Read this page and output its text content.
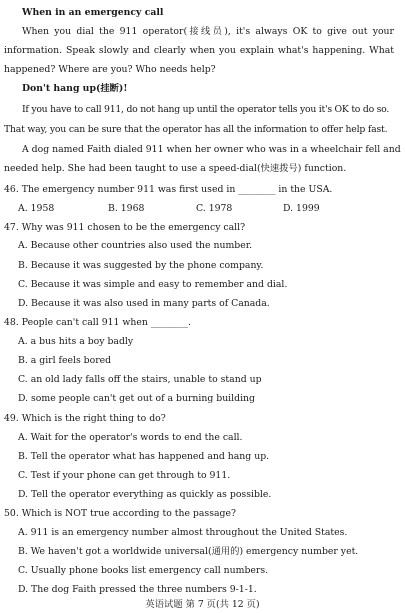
When in an emergency call
When you dial the 911 operator(接线员), it's always OK to give out your
information. Speak slowly and clearly when you explain what's happening. What
happened? Where are you? Who needs help?
Don't hang up(挂断)!
If you have to call 911, do not hang up until the operator tells you it's OK to do so.
That way, you can be sure that the operator has all the information to offer help fast.
A dog named Faith dialed 911 when her owner who was in a wheelchair fell and
needed help. She had been taught to use a speed-dial(快速拨号) function.
46. The emergency number 911 was first used in ________ in the USA.
A. 1958	B. 1968	C. 1978	D. 1999
47. Why was 911 chosen to be the emergency call?
A. Because other countries also used the number.
B. Because it was suggested by the phone company.
C. Because it was simple and easy to remember and dial.
D. Because it was also used in many parts of Canada.
48. People can't call 911 when ________.
A. a bus hits a boy badly
B. a girl feels bored
C. an old lady falls off the stairs, unable to stand up
D. some people can't get out of a burning building
49. Which is the right thing to do?
A. Wait for the operator's words to end the call.
B. Tell the operator what has happened and hang up.
C. Test if your phone can get through to 911.
D. Tell the operator everything as quickly as possible.
50. Which is NOT true according to the passage?
A. 911 is an emergency number almost throughout the United States.
B. We haven't got a worldwide universal(通用的) emergency number yet.
C. Usually phone books list emergency call numbers.
D. The dog Faith pressed the three numbers 9-1-1.
英语试题 第 7 页(共 12 页)
